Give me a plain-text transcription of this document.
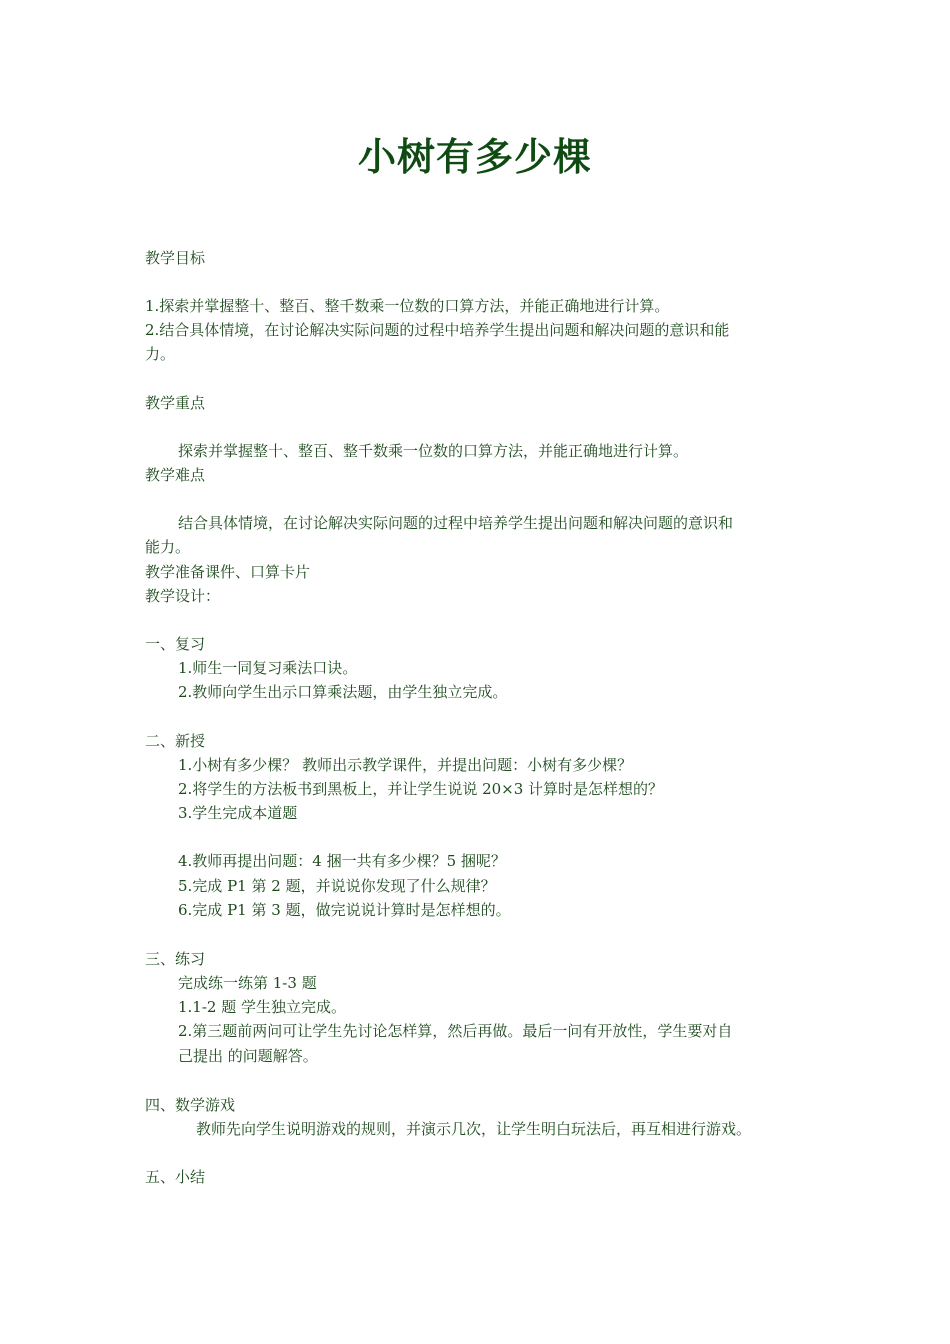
小树有多少棵
教学目标
1.探索并掌握整十、整百、整千数乘一位数的口算方法，并能正确地进行计算。
2.结合具体情境，在讨论解决实际问题的过程中培养学生提出问题和解决问题的意识和能
力。
教学重点
探索并掌握整十、整百、整千数乘一位数的口算方法，并能正确地进行计算。
教学难点
结合具体情境，在讨论解决实际问题的过程中培养学生提出问题和解决问题的意识和
能力。
教学准备课件、口算卡片
教学设计：
一、复习
1.师生一同复习乘法口诀。
2.教师向学生出示口算乘法题，由学生独立完成。
二、新授
1.小树有多少棵？ 教师出示教学课件，并提出问题：小树有多少棵？
2.将学生的方法板书到黑板上，并让学生说说 20×3 计算时是怎样想的？
3.学生完成本道题
4.教师再提出问题：4 捆一共有多少棵？5 捆呢？
5.完成 P1 第 2 题，并说说你发现了什么规律？
6.完成 P1 第 3 题，做完说说计算时是怎样想的。
三、练习
完成练一练第 1-3 题
1.1-2 题 学生独立完成。
2.第三题前两问可让学生先讨论怎样算，然后再做。最后一问有开放性，学生要对自
己提出 的问题解答。
四、数学游戏
教师先向学生说明游戏的规则，并演示几次，让学生明白玩法后，再互相进行游戏。
五、小结
